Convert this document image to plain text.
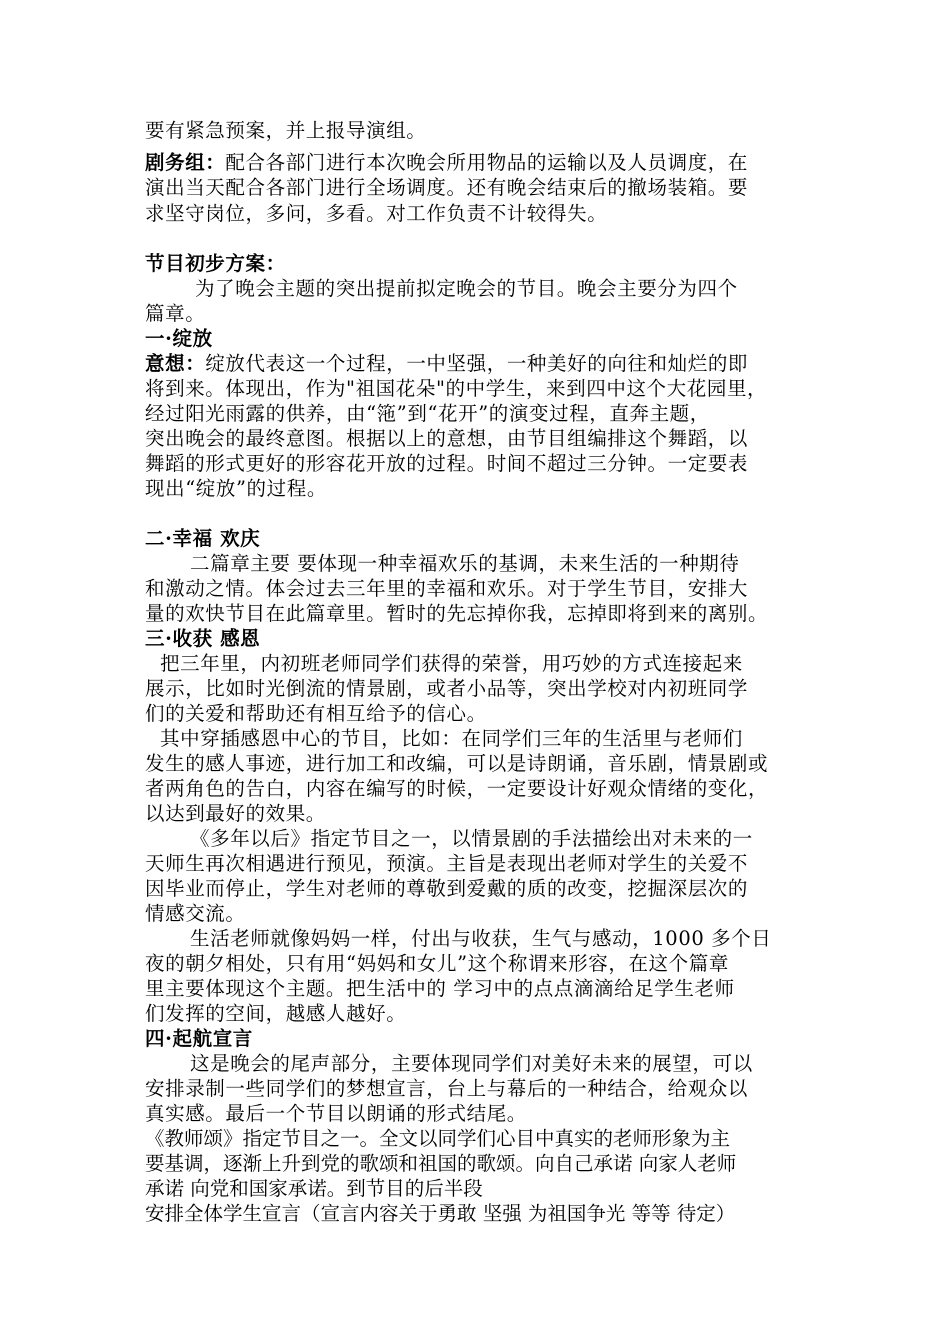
要有紧急预案，并上报导演组。
剧务组：配合各部门进行本次晚会所用物品的运输以及人员调度，在
演出当天配合各部门进行全场调度。还有晚会结束后的撤场装箱。要
求坚守岗位，多问，多看。对工作负责不计较得失。
节目初步方案：
为了晚会主题的突出提前拟定晚会的节目。晚会主要分为四个
篇章。
一·绽放
意想：绽放代表这一个过程，一中坚强，一种美好的向往和灿烂的即
将到来。体现出，作为"祖国花朵"的中学生，来到四中这个大花园里，
经过阳光雨露的供养，由“筂”到“花开”的演变过程，直奔主题，
突出晚会的最终意图。根据以上的意想，由节目组编排这个舞蹈，以
舞蹈的形式更好的形容花开放的过程。时间不超过三分钟。一定要表
现出“绽放”的过程。
二·幸福 欢庆
二篇章主要 要体现一种幸福欢乐的基调，未来生活的一种期待
和激动之情。体会过去三年里的幸福和欢乐。对于学生节目，安排大
量的欢快节目在此篇章里。暂时的先忘掉你我，忘掉即将到来的离别。
三·收获 感恩
把三年里，内初班老师同学们获得的荣誉，用巧妙的方式连接起来
展示，比如时光倒流的情景剧，或者小品等，突出学校对内初班同学
们的关爱和帮助还有相互给予的信心。
其中穿插感恩中心的节目，比如：在同学们三年的生活里与老师们
发生的感人事迹，进行加工和改编，可以是诗朗诵，音乐剧，情景剧或
者两角色的告白，内容在编写的时候，一定要设计好观众情绪的变化，
以达到最好的效果。
《多年以后》指定节目之一，以情景剧的手法描绘出对未来的一
天师生再次相遇进行预见，预演。主旨是表现出老师对学生的关爱不
因毕业而停止，学生对老师的尊敬到爱戴的质的改变，挖掘深层次的
情感交流。
生活老师就像妈妈一样，付出与收获，生气与感动，1000 多个日
夜的朝夕相处，只有用“妈妈和女儿”这个称谓来形容，在这个篇章
里主要体现这个主题。把生活中的 学习中的点点滴滴给足学生老师
们发挥的空间，越感人越好。
四·起航宣言
这是晚会的尾声部分，主要体现同学们对美好未来的展望，可以
安排录制一些同学们的梦想宣言，台上与幕后的一种结合，给观众以
真实感。最后一个节目以朗诵的形式结尾。
《教师颂》指定节目之一。全文以同学们心目中真实的老师形象为主
要基调，逐渐上升到党的歌颂和祖国的歌颂。向自己承诺 向家人老师
承诺 向党和国家承诺。到节目的后半段
安排全体学生宣言（宣言内容关于勇敢 坚强 为祖国争光 等等 待定）
